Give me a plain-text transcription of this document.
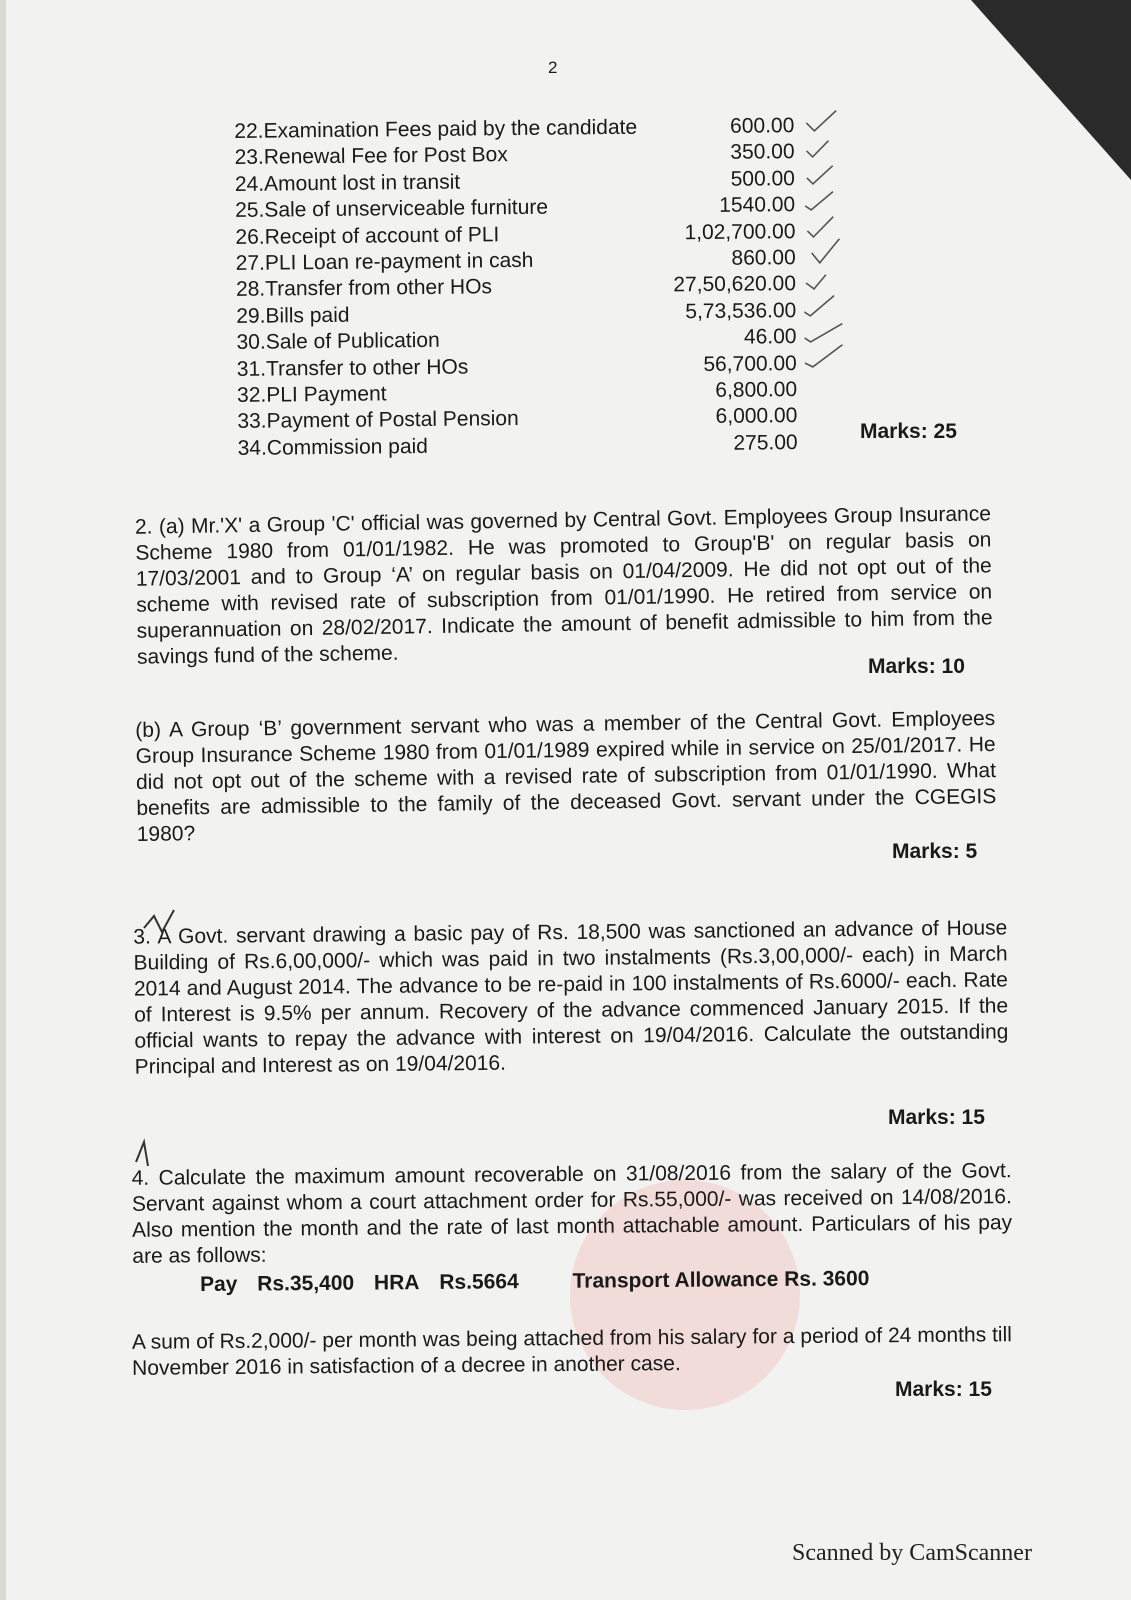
2
22.Examination Fees paid by the candidate	600.00
23.Renewal Fee for Post Box	350.00
24.Amount lost in transit	500.00
25.Sale of unserviceable furniture	1540.00
26.Receipt of account of PLI	1,02,700.00
27.PLI Loan re-payment in cash	860.00
28.Transfer from other HOs	27,50,620.00
29.Bills paid	5,73,536.00
30.Sale of Publication	46.00
31.Transfer to other HOs	56,700.00
32.PLI Payment	6,800.00
33.Payment of Postal Pension	6,000.00
34.Commission paid	275.00	Marks: 25
2. (a) Mr.'X' a Group 'C' official was governed by Central Govt. Employees Group Insurance Scheme 1980 from 01/01/1982. He was promoted to Group'B' on regular basis on 17/03/2001 and to Group ‘A’ on regular basis on 01/04/2009. He did not opt out of the scheme with revised rate of subscription from 01/01/1990. He retired from service on superannuation on 28/02/2017. Indicate the amount of benefit admissible to him from the savings fund of the scheme.	Marks: 10
(b) A Group ‘B’ government servant who was a member of the Central Govt. Employees Group Insurance Scheme 1980 from 01/01/1989 expired while in service on 25/01/2017. He did not opt out of the scheme with a revised rate of subscription from 01/01/1990. What benefits are admissible to the family of the deceased Govt. servant under the CGEGIS 1980?
Marks: 5
3. A Govt. servant drawing a basic pay of Rs. 18,500 was sanctioned an advance of House Building of Rs.6,00,000/- which was paid in two instalments (Rs.3,00,000/- each) in March 2014 and August 2014. The advance to be re-paid in 100 instalments of Rs.6000/- each. Rate of Interest is 9.5% per annum. Recovery of the advance commenced January 2015. If the official wants to repay the advance with interest on 19/04/2016. Calculate the outstanding Principal and Interest as on 19/04/2016.
Marks: 15
4. Calculate the maximum amount recoverable on 31/08/2016 from the salary of the Govt. Servant against whom a court attachment order for Rs.55,000/- was received on 14/08/2016. Also mention the month and the rate of last month attachable amount. Particulars of his pay are as follows:
Pay Rs.35,400 HRA Rs.5664	Transport Allowance Rs. 3600
A sum of Rs.2,000/- per month was being attached from his salary for a period of 24 months till November 2016 in satisfaction of a decree in another case.
Marks: 15
Scanned by CamScanner
